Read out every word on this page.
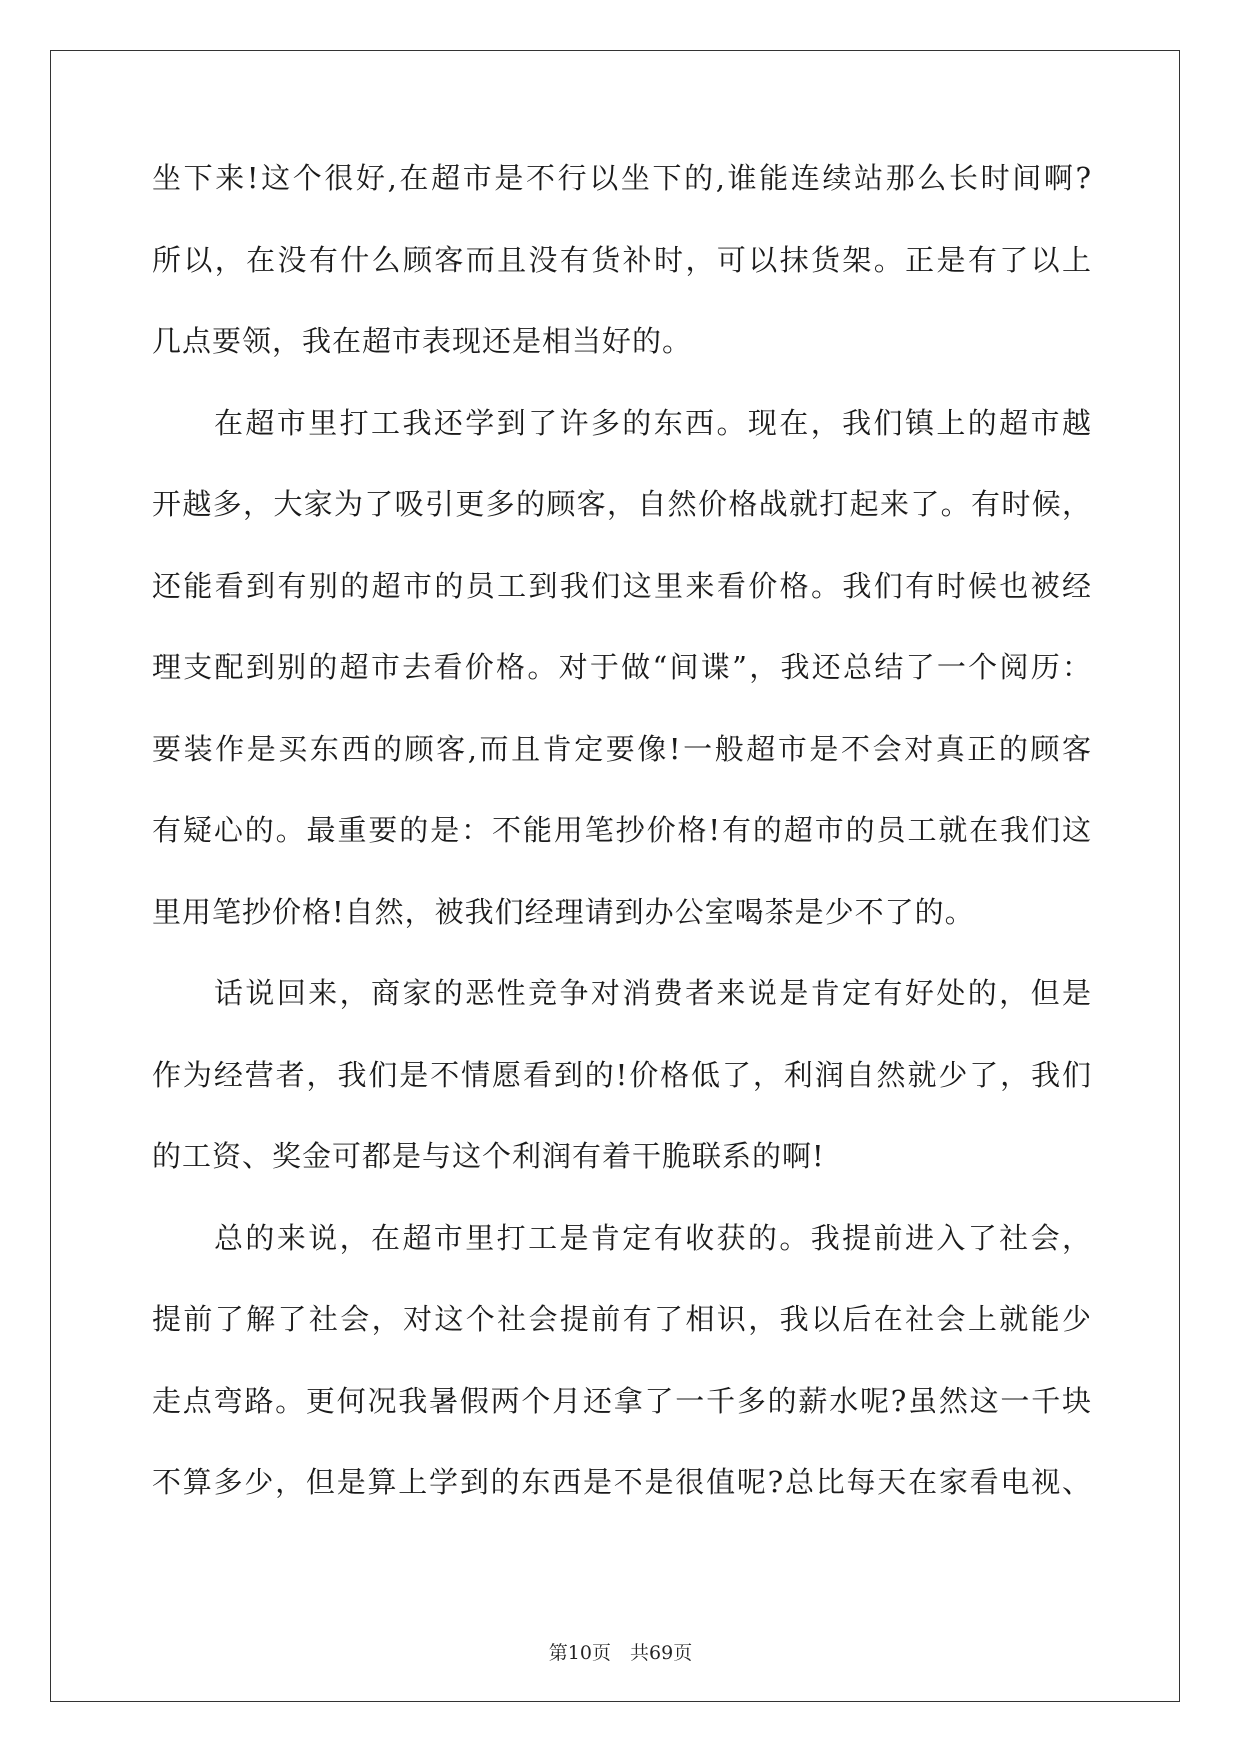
坐下来!这个很好,在超市是不行以坐下的,谁能连续站那么长时间啊?
所以，在没有什么顾客而且没有货补时，可以抹货架。正是有了以上
几点要领，我在超市表现还是相当好的。
在超市里打工我还学到了许多的东西。现在，我们镇上的超市越
开越多，大家为了吸引更多的顾客，自然价格战就打起来了。有时候，
还能看到有别的超市的员工到我们这里来看价格。我们有时候也被经
理支配到别的超市去看价格。对于做“间谍”，我还总结了一个阅历：
要装作是买东西的顾客,而且肯定要像!一般超市是不会对真正的顾客
有疑心的。最重要的是：不能用笔抄价格!有的超市的员工就在我们这
里用笔抄价格!自然，被我们经理请到办公室喝茶是少不了的。
话说回来，商家的恶性竞争对消费者来说是肯定有好处的，但是
作为经营者，我们是不情愿看到的!价格低了，利润自然就少了，我们
的工资、奖金可都是与这个利润有着干脆联系的啊!
总的来说，在超市里打工是肯定有收获的。我提前进入了社会，
提前了解了社会，对这个社会提前有了相识，我以后在社会上就能少
走点弯路。更何况我暑假两个月还拿了一千多的薪水呢?虽然这一千块
不算多少，但是算上学到的东西是不是很值呢?总比每天在家看电视、
第10页　共69页
